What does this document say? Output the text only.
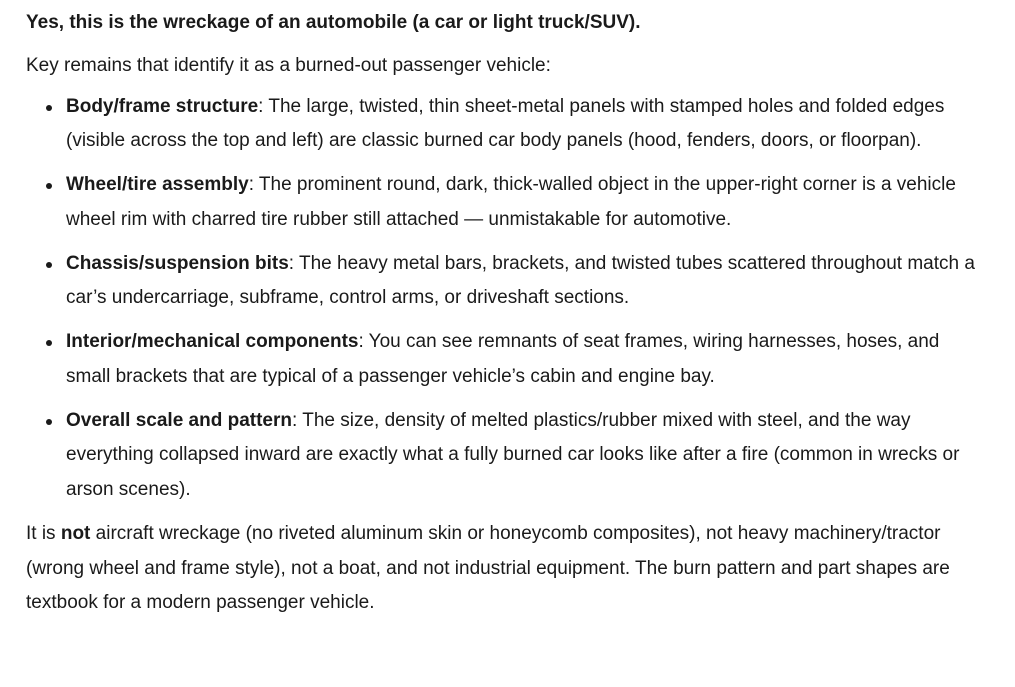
Yes, this is the wreckage of an automobile (a car or light truck/SUV).

Key remains that identify it as a burned-out passenger vehicle:

Body/frame structure: The large, twisted, thin sheet-metal panels with stamped holes and folded edges (visible across the top and left) are classic burned car body panels (hood, fenders, doors, or floorpan).
Wheel/tire assembly: The prominent round, dark, thick-walled object in the upper-right corner is a vehicle wheel rim with charred tire rubber still attached — unmistakable for automotive.
Chassis/suspension bits: The heavy metal bars, brackets, and twisted tubes scattered throughout match a car’s undercarriage, subframe, control arms, or driveshaft sections.
Interior/mechanical components: You can see remnants of seat frames, wiring harnesses, hoses, and small brackets that are typical of a passenger vehicle’s cabin and engine bay.
Overall scale and pattern: The size, density of melted plastics/rubber mixed with steel, and the way everything collapsed inward are exactly what a fully burned car looks like after a fire (common in wrecks or arson scenes).

It is not aircraft wreckage (no riveted aluminum skin or honeycomb composites), not heavy machinery/tractor (wrong wheel and frame style), not a boat, and not industrial equipment. The burn pattern and part shapes are textbook for a modern passenger vehicle.
